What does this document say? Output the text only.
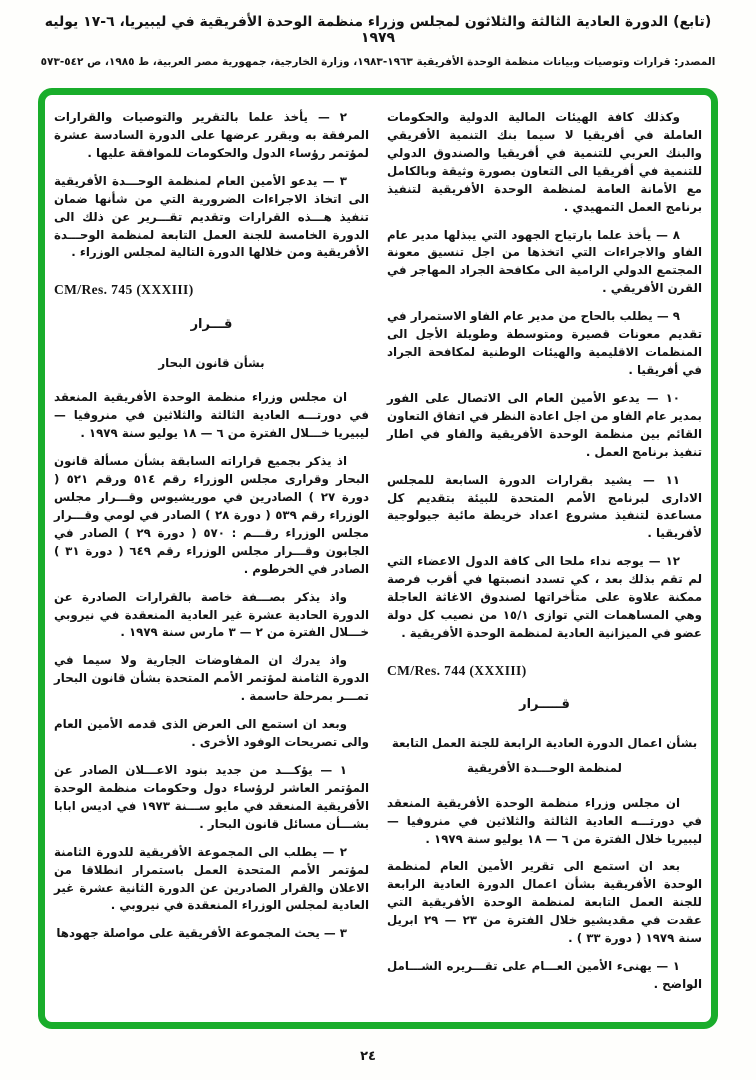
(تابع) الدورة العادية الثالثة والثلاثون لمجلس وزراء منظمة الوحدة الأفريقية في ليبيريا، ٦-١٧ يوليه ١٩٧٩
المصدر: قرارات وتوصيات وبيانات منظمة الوحدة الأفريقية ١٩٦٣-١٩٨٣، وزارة الخارجية، جمهورية مصر العربية، ط ١٩٨٥، ص ٥٤٢-٥٧٣
وكذلك كافة الهيئات المالية الدولية والحكومات العاملة في أفريقيا لا سيما بنك التنمية الأفريقي والبنك العربي للتنمية في أفريقيا والصندوق الدولي للتنمية في أفريقيا الى التعاون بصورة وثيقة وبالكامل مع الأمانة العامة لمنظمة الوحدة الأفريقية لتنفيذ برنامج العمل التمهيدي .
٨ — يأخذ علما بارتياح الجهود التي يبذلها مدير عام الفاو والاجراءات التي اتخذها من اجل تنسيق معونة المجتمع الدولي الرامية الى مكافحة الجراد المهاجر في القرن الأفريقي .
٩ — يطلب بالحاح من مدير عام الفاو الاستمرار في تقديم معونات قصيرة ومتوسطة وطويلة الأجل الى المنظمات الاقليمية والهيئات الوطنية لمكافحة الجراد في أفريقيا .
١٠ — يدعو الأمين العام الى الاتصال على الفور بمدير عام الفاو من اجل اعادة النظر في اتفاق التعاون القائم بين منظمة الوحدة الأفريقية والفاو في اطار تنفيذ برنامج العمل .
١١ — يشيد بقرارات الدورة السابعة للمجلس الادارى لبرنامج الأمم المتحدة للبيئة بتقديم كل مساعدة لتنفيذ مشروع اعداد خريطة مائية جيولوجية لأفريقيا .
١٢ — يوجه نداء ملحا الى كافة الدول الاعضاء التي لم تقم بذلك بعد ، كي تسدد انصبتها في أقرب فرصة ممكنة علاوة على متأخراتها لصندوق الاغاثة العاجلة وهي المساهمات التي توازى ١٥/١ من نصيب كل دولة عضو في الميزانية العادية لمنظمة الوحدة الأفريقية .
CM/Res. 744 (XXXIII)
قـــــرار
بشأن اعمال الدورة العادية الرابعة للجنة العمل التابعة لمنظمة الوحـــدة الأفريقية
ان مجلس وزراء منظمة الوحدة الأفريقية المنعقد في دورتـــه العادية الثالثة والثلاثين في منروفيا — ليبيريا خلال الفترة من ٦ — ١٨ يوليو سنة ١٩٧٩ .
بعد ان استمع الى تقرير الأمين العام لمنظمة الوحدة الأفريقية بشأن اعمال الدورة العادية الرابعة للجنة العمل التابعة لمنظمة الوحدة الأفريقية التي عقدت في مقديشيو خلال الفترة من ٢٣ — ٢٩ ابريل سنة ١٩٧٩ ( دورة ٣٣ ) .
١ — يهنىء الأمين العـــام على تقـــريره الشـــامل الواضح .
٢ — يأخذ علما بالتقرير والتوصيات والقرارات المرفقة به ويقرر عرضها على الدورة السادسة عشرة لمؤتمر رؤساء الدول والحكومات للموافقة عليها .
٣ — يدعو الأمين العام لمنظمة الوحـــدة الأفريقية الى اتخاذ الاجراءات الضرورية التي من شأنها ضمان تنفيذ هـــذه القرارات وتقديم تقـــرير عن ذلك الى الدورة الخامسة للجنة العمل التابعة لمنظمة الوحـــدة الأفريقية ومن خلالها الدورة التالية لمجلس الوزراء .
CM/Res. 745 (XXXIII)
قـــرار
بشأن قانون البحار
ان مجلس وزراء منظمة الوحدة الأفريقية المنعقد في دورتـــه العادية الثالثة والثلاثين في منروفيا — ليبيريا خـــلال الفترة من ٦ — ١٨ يوليو سنة ١٩٧٩ .
اذ يذكر بجميع قراراته السابقة بشأن مسألة قانون البحار وقرارى مجلس الوزراء رقم ٥١٤ ورقم ٥٢١ ( دورة ٢٧ ) الصادرين في موريشيوس وقـــرار مجلس الوزراء رقم ٥٣٩ ( دورة ٢٨ ) الصادر في لومي وقـــرار مجلس الوزراء رقـــم : ٥٧٠ ( دورة ٢٩ ) الصادر في الجابون وقـــرار مجلس الوزراء رقم ٦٤٩ ( دورة ٣١ ) الصادر في الخرطوم .
واذ يذكر بصـــفة خاصة بالقرارات الصادرة عن الدورة الحادية عشرة غير العادية المنعقدة في نيروبي خـــلال الفترة من ٢ — ٣ مارس سنة ١٩٧٩ .
واذ يدرك ان المفاوضات الجارية ولا سيما في الدورة الثامنة لمؤتمر الأمم المتحدة بشأن قانون البحار تمـــر بمرحلة حاسمة .
وبعد ان استمع الى العرض الذى قدمه الأمين العام والى تصريحات الوفود الأخرى .
١ — يؤكـــد من جديد بنود الاعـــلان الصادر عن المؤتمر العاشر لرؤساء دول وحكومات منظمة الوحدة الأفريقية المنعقد في مايو ســـنة ١٩٧٣ في اديس ابابا بشـــأن مسائل قانون البحار .
٢ — يطلب الى المجموعة الأفريقية للدورة الثامنة لمؤتمر الأمم المتحدة العمل باستمرار انطلاقا من الاعلان والقرار الصادرين عن الدورة الثانية عشرة غير العادية لمجلس الوزراء المنعقدة في نيروبي .
٣ — يحث المجموعة الأفريقية على مواصلة جهودها
٢٤
